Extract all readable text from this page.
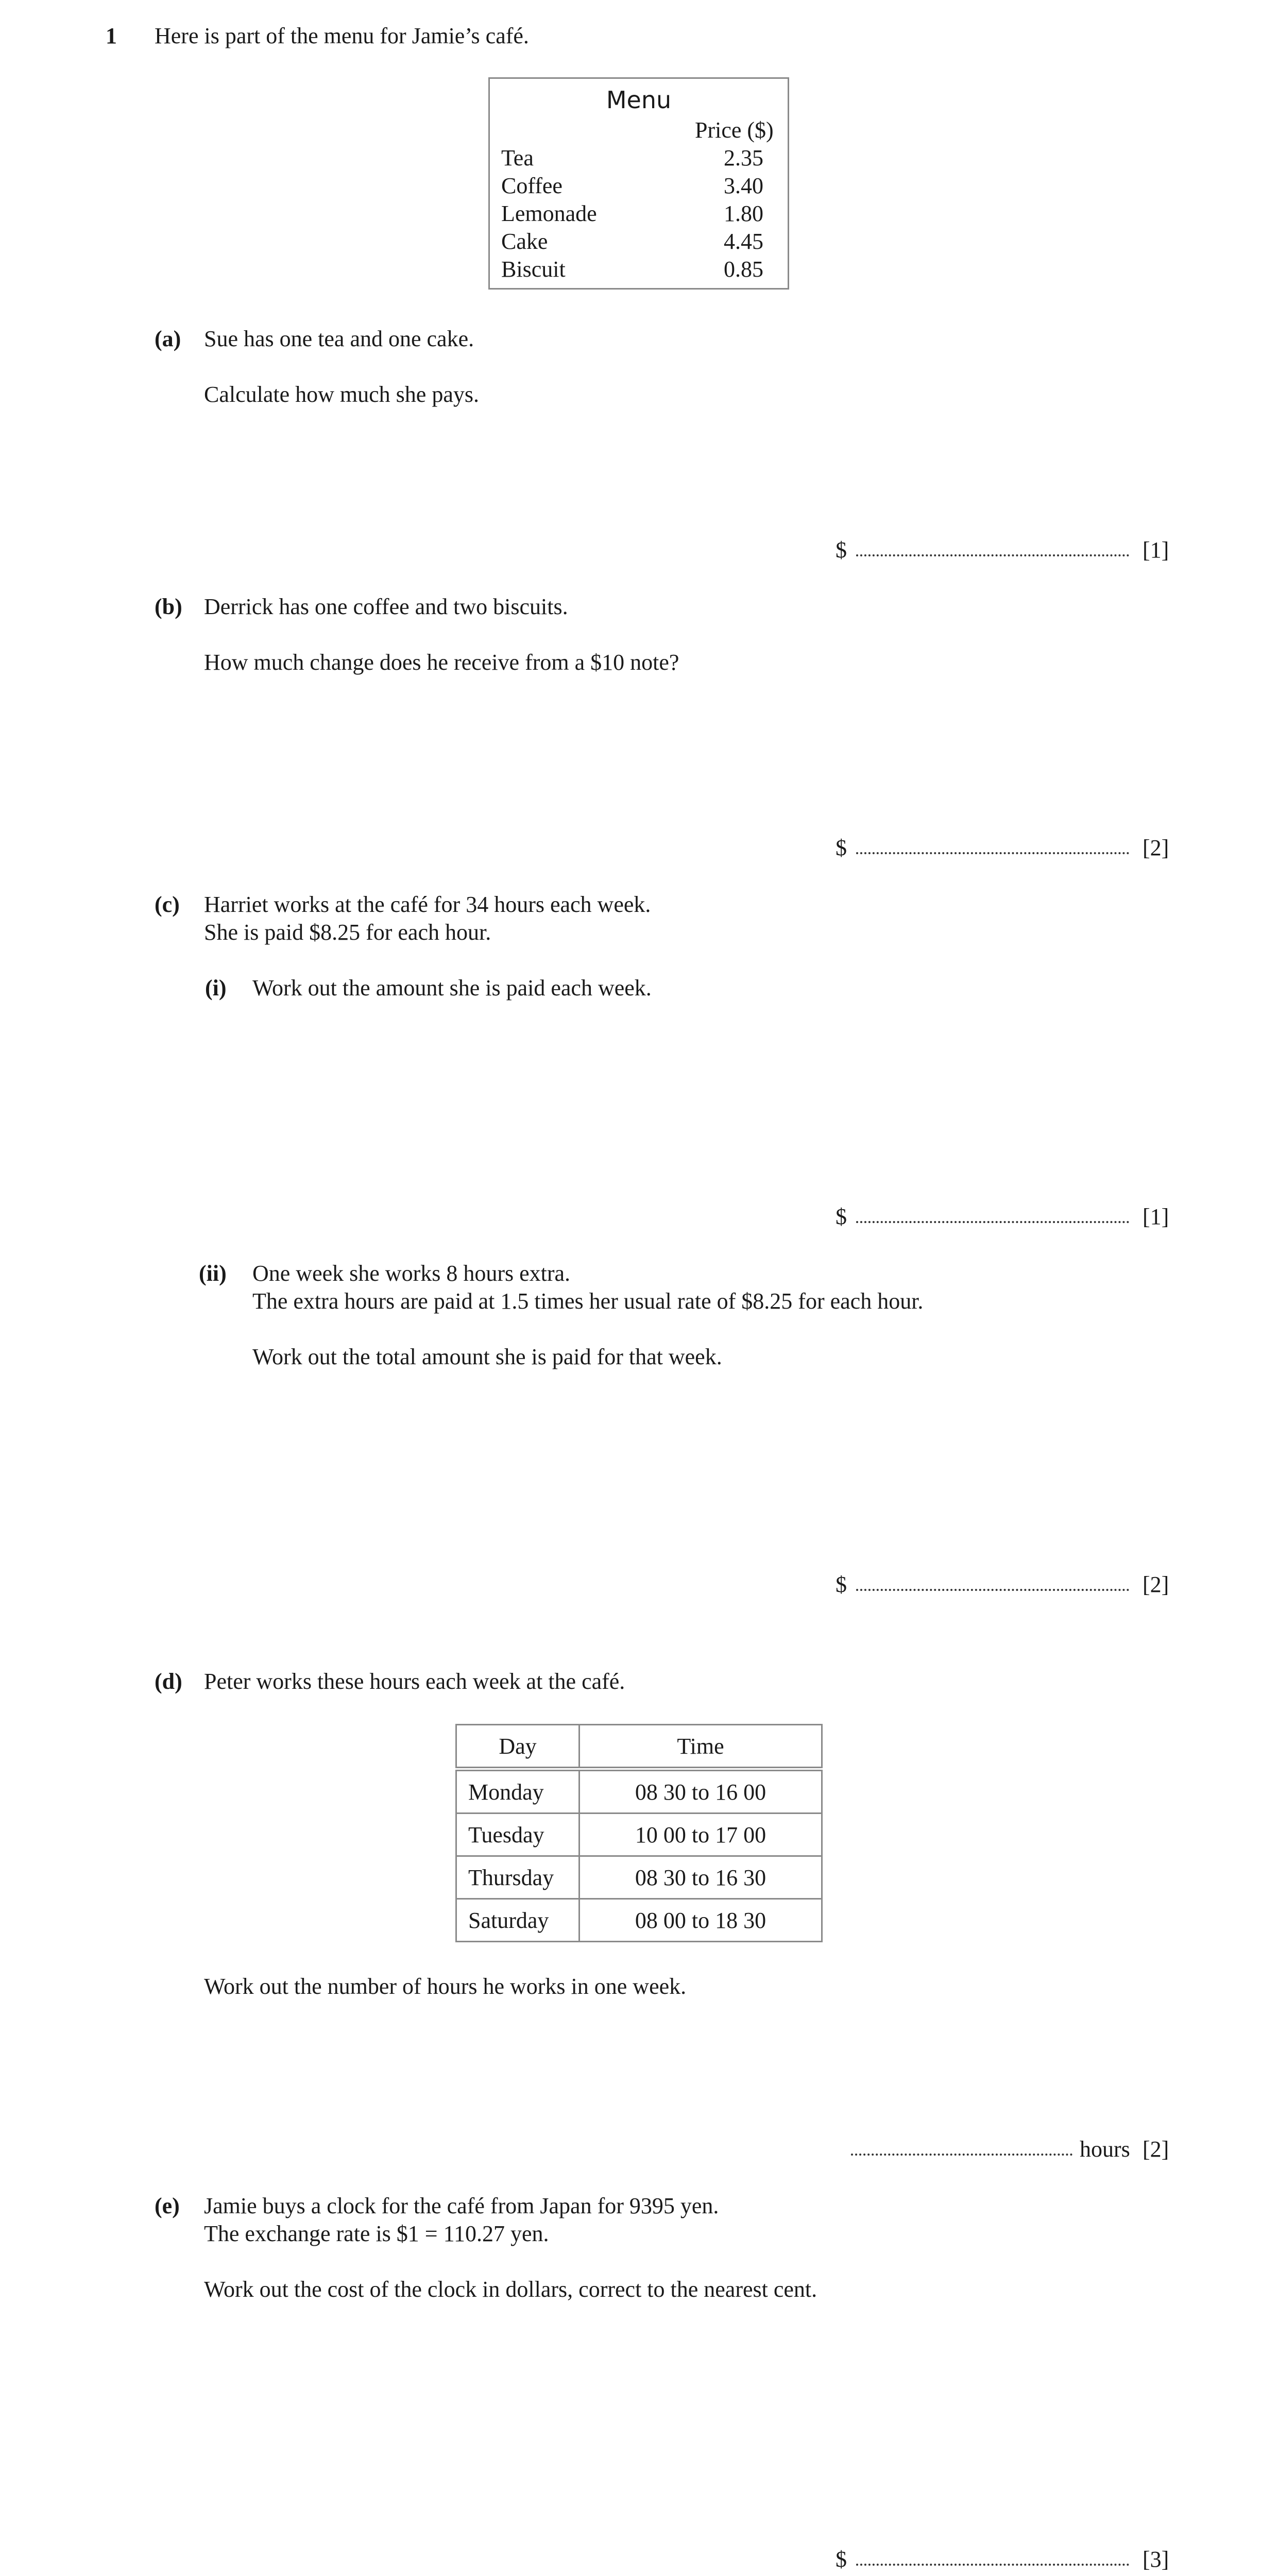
1 Here is part of the menu for Jamie’s café.
Menu
Price ($)
Tea	2.35
Coffee	3.40
Lemonade	1.80
Cake	4.45
Biscuit	0.85
(a) Sue has one tea and one cake.
Calculate how much she pays.
$	[1]
(b) Derrick has one coffee and two biscuits.
How much change does he receive from a $10 note?
$	[2]
(c) Harriet works at the café for 34 hours each week.
She is paid $8.25 for each hour.
(i) Work out the amount she is paid each week.
$	[1]
(ii) One week she works 8 hours extra.
The extra hours are paid at 1.5 times her usual rate of $8.25 for each hour.
Work out the total amount she is paid for that week.
$	[2]
(d) Peter works these hours each week at the café.
Day	Time
Monday	08 30 to 16 00
Tuesday	10 00 to 17 00
Thursday	08 30 to 16 30
Saturday	08 00 to 18 30
Work out the number of hours he works in one week.
hours [2]
(e) Jamie buys a clock for the café from Japan for 9395 yen.
The exchange rate is $1 = 110.27 yen.
Work out the cost of the clock in dollars, correct to the nearest cent.
$	[3]
